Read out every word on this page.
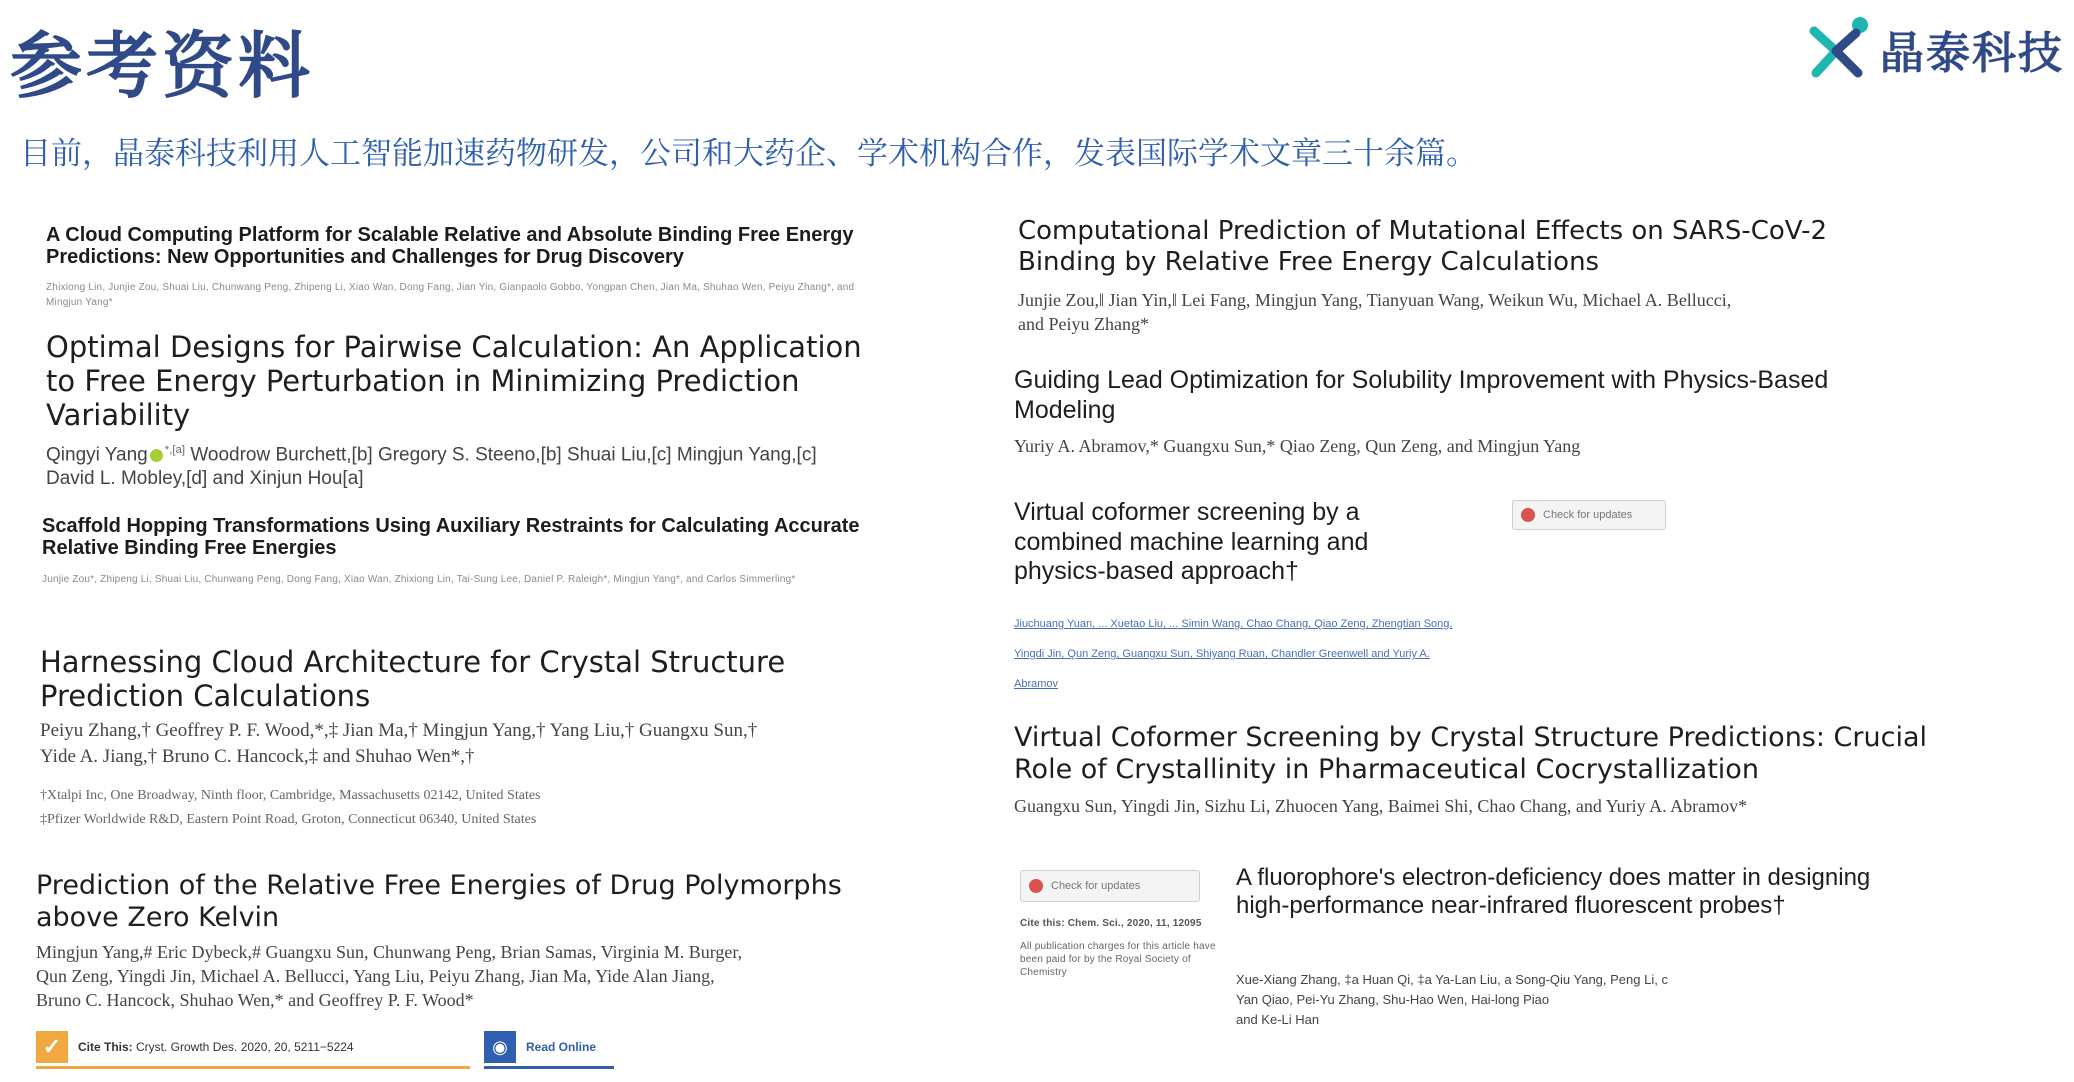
参考资料	晶泰科技
目前，晶泰科技利用人工智能加速药物研发，公司和大药企、学术机构合作，发表国际学术文章三十余篇。
A Cloud Computing Platform for Scalable Relative and Absolute Binding Free Energy Predictions: New Opportunities and Challenges for Drug Discovery
Zhixiong Lin, Junjie Zou, Shuai Liu, Chunwang Peng, Zhipeng Li, Xiao Wan, Dong Fang, Jian Yin, Gianpaolo Gobbo, Yongpan Chen, Jian Ma, Shuhao Wen, Peiyu Zhang*, and Mingjun Yang*
Optimal Designs for Pairwise Calculation: An Application to Free Energy Perturbation in Minimizing Prediction Variability
Qingyi Yang $^{*,[a]}$ Woodrow Burchett,[b] Gregory S. Steeno,[b] Shuai Liu,[c] Mingjun Yang,[c]
David L. Mobley,[d] and Xinjun Hou[a]
Scaffold Hopping Transformations Using Auxiliary Restraints for Calculating Accurate Relative Binding Free Energies
Junjie Zou*, Zhipeng Li, Shuai Liu, Chunwang Peng, Dong Fang, Xiao Wan, Zhixiong Lin, Tai-Sung Lee, Daniel P. Raleigh*, Mingjun Yang*, and Carlos Simmerling*
Harnessing Cloud Architecture for Crystal Structure Prediction Calculations
Peiyu Zhang,† Geoffrey P. F. Wood,*,‡ Jian Ma,† Mingjun Yang,† Yang Liu,† Guangxu Sun,†
Yide A. Jiang,† Bruno C. Hancock,‡ and Shuhao Wen*,†
†Xtalpi Inc, One Broadway, Ninth floor, Cambridge, Massachusetts 02142, United States
‡Pfizer Worldwide R&D, Eastern Point Road, Groton, Connecticut 06340, United States
Prediction of the Relative Free Energies of Drug Polymorphs above Zero Kelvin
Mingjun Yang,# Eric Dybeck,# Guangxu Sun, Chunwang Peng, Brian Samas, Virginia M. Burger,
Qun Zeng, Yingdi Jin, Michael A. Bellucci, Yang Liu, Peiyu Zhang, Jian Ma, Yide Alan Jiang,
Bruno C. Hancock, Shuhao Wen,* and Geoffrey P. F. Wood*
✓	Cite This: Cryst. Growth Des. 2020, 20, 5211−5224	◉	Read Online
Computational Prediction of Mutational Effects on SARS-CoV-2 Binding by Relative Free Energy Calculations
Junjie Zou,‖ Jian Yin,‖ Lei Fang, Mingjun Yang, Tianyuan Wang, Weikun Wu, Michael A. Bellucci,
and Peiyu Zhang*
Guiding Lead Optimization for Solubility Improvement with Physics-Based Modeling
Yuriy A. Abramov,* Guangxu Sun,* Qiao Zeng, Qun Zeng, and Mingjun Yang
Virtual coformer screening by a combined machine learning and physics-based approach†
Check for updates
Jiuchuang Yuan, ... Xuetao Liu, ... Simin Wang, Chao Chang, Qiao Zeng, Zhengtian Song,
Yingdi Jin, Qun Zeng, Guangxu Sun, Shiyang Ruan, Chandler Greenwell and Yuriy A.
Abramov
Virtual Coformer Screening by Crystal Structure Predictions: Crucial Role of Crystallinity in Pharmaceutical Cocrystallization
Guangxu Sun, Yingdi Jin, Sizhu Li, Zhuocen Yang, Baimei Shi, Chao Chang, and Yuriy A. Abramov*
Check for updates
Cite this: Chem. Sci., 2020, 11, 12095
All publication charges for this article have been paid for by the Royal Society of Chemistry
A fluorophore's electron-deficiency does matter in designing high-performance near-infrared fluorescent probes†
Xue-Xiang Zhang, ‡a Huan Qi, ‡a Ya-Lan Liu, a Song-Qiu Yang, Peng Li, c
Yan Qiao, Pei-Yu Zhang, Shu-Hao Wen, Hai-long Piao
and Ke-Li Han
